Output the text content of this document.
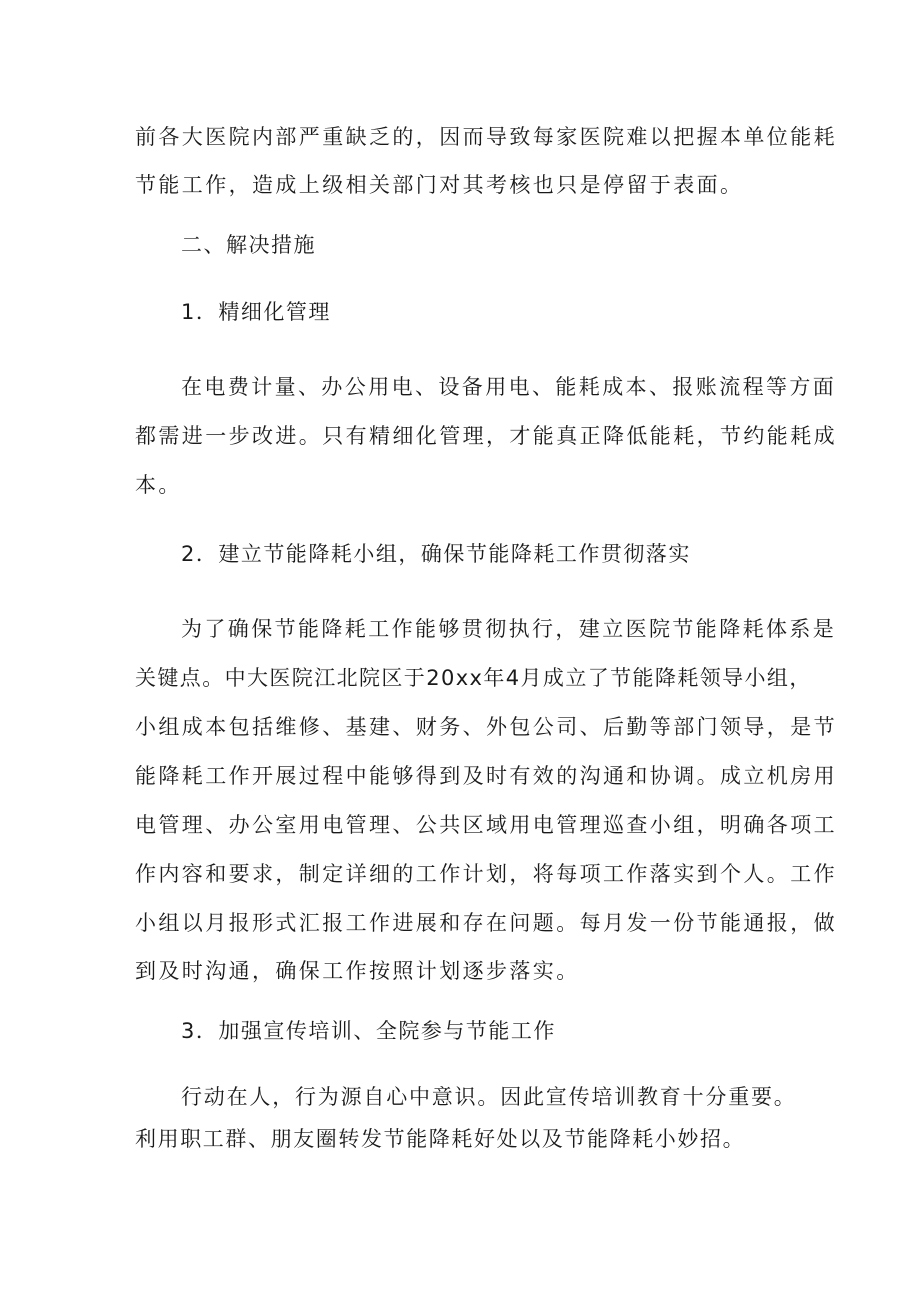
前各大医院内部严重缺乏的，因而导致每家医院难以把握本单位能耗
节能工作，造成上级相关部门对其考核也只是停留于表面。
二、解决措施
1．精细化管理
在电费计量、办公用电、设备用电、能耗成本、报账流程等方面
都需进一步改进。只有精细化管理，才能真正降低能耗，节约能耗成
本。
2．建立节能降耗小组，确保节能降耗工作贯彻落实
为了确保节能降耗工作能够贯彻执行，建立医院节能降耗体系是
关键点。中大医院江北院区于20xx年4月成立了节能降耗领导小组，
小组成本包括维修、基建、财务、外包公司、后勤等部门领导，是节
能降耗工作开展过程中能够得到及时有效的沟通和协调。成立机房用
电管理、办公室用电管理、公共区域用电管理巡查小组，明确各项工
作内容和要求，制定详细的工作计划，将每项工作落实到个人。工作
小组以月报形式汇报工作进展和存在问题。每月发一份节能通报，做
到及时沟通，确保工作按照计划逐步落实。
3．加强宣传培训、全院参与节能工作
行动在人，行为源自心中意识。因此宣传培训教育十分重要。
利用职工群、朋友圈转发节能降耗好处以及节能降耗小妙招。
